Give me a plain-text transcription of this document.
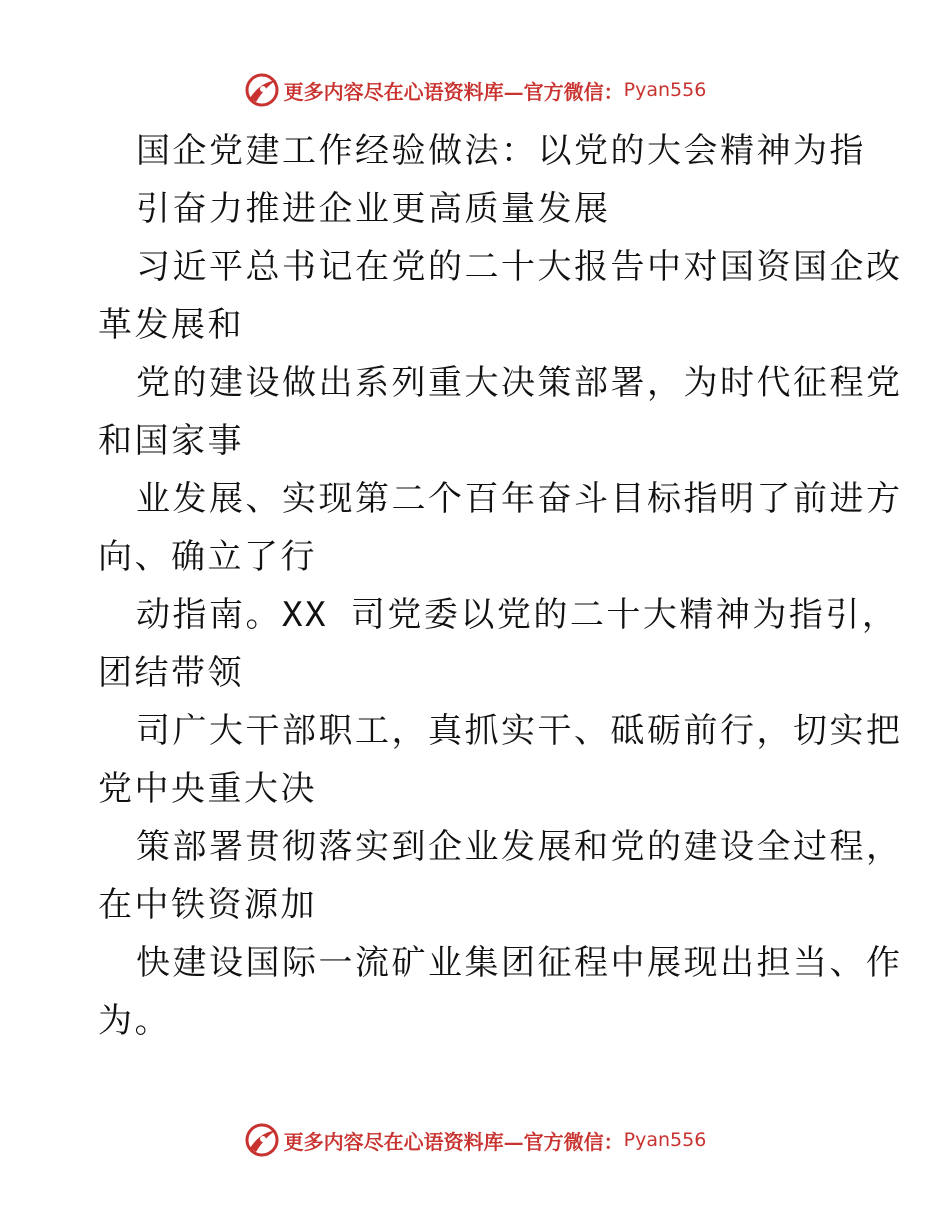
更多内容尽在心语资料库—官方微信： Pyan556
国企党建工作经验做法：以党的大会精神为指
引奋力推进企业更高质量发展
习近平总书记在党的二十大报告中对国资国企改
革发展和
党的建设做出系列重大决策部署，为时代征程党
和国家事
业发展、实现第二个百年奋斗目标指明了前进方
向、确立了行
动指南。XX 司党委以党的二十大精神为指引，
团结带领
司广大干部职工，真抓实干、砥砺前行，切实把
党中央重大决
策部署贯彻落实到企业发展和党的建设全过程，
在中铁资源加
快建设国际一流矿业集团征程中展现出担当、作
为。
更多内容尽在心语资料库—官方微信： Pyan556
